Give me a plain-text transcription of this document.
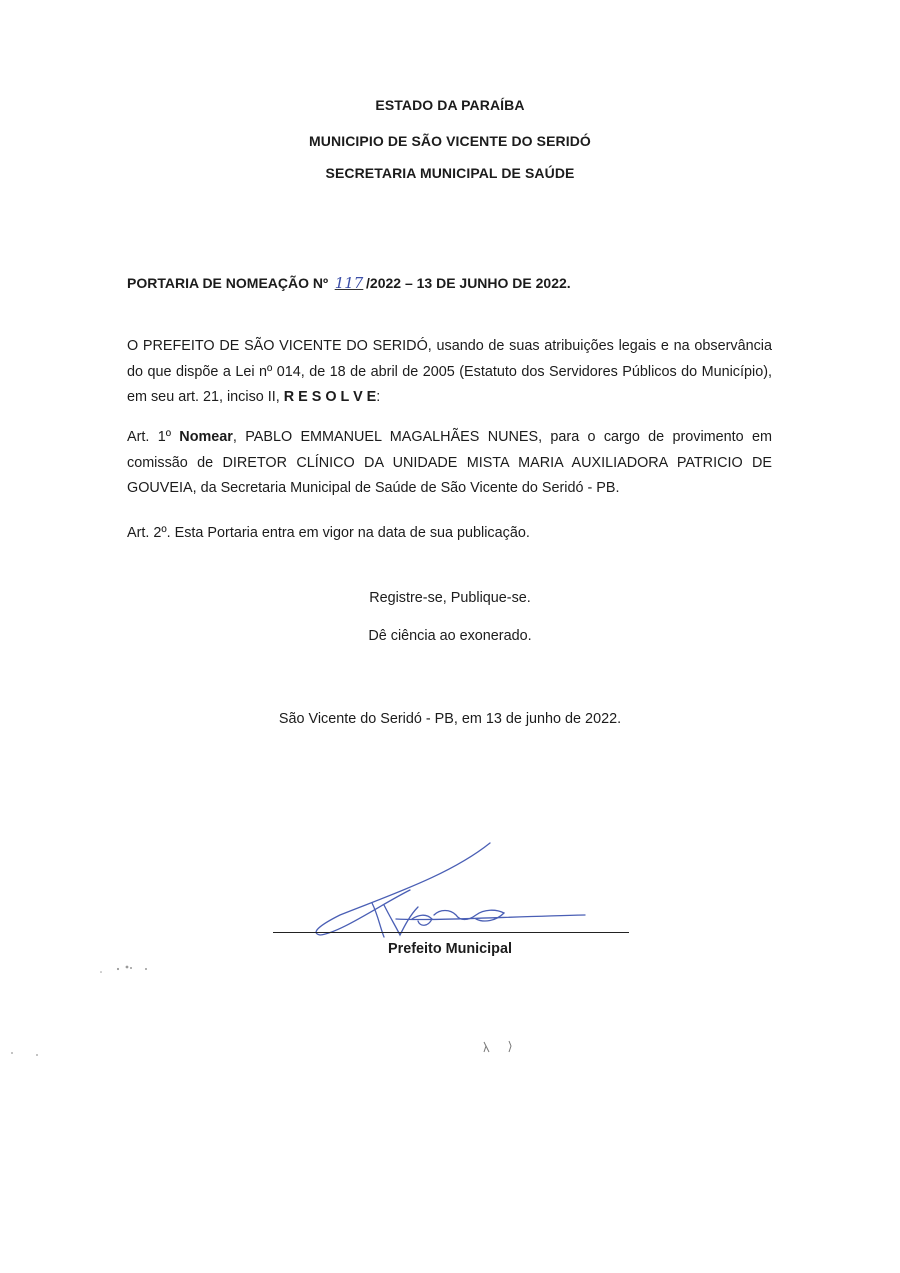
ESTADO DA PARAÍBA
MUNICIPIO DE SÃO VICENTE DO SERIDÓ
SECRETARIA MUNICIPAL DE SAÚDE
PORTARIA DE NOMEAÇÃO Nº 117 /2022 – 13 DE JUNHO DE 2022.
O PREFEITO DE SÃO VICENTE DO SERIDÓ, usando de suas atribuições legais e na observância do que dispõe a Lei nº 014, de 18 de abril de 2005 (Estatuto dos Servidores Públicos do Município), em seu art. 21, inciso II, R E S O L V E:
Art. 1º Nomear, PABLO EMMANUEL MAGALHÃES NUNES, para o cargo de provimento em comissão de DIRETOR CLÍNICO DA UNIDADE MISTA MARIA AUXILIADORA PATRICIO DE GOUVEIA, da Secretaria Municipal de Saúde de São Vicente do Seridó - PB.
Art. 2º. Esta Portaria entra em vigor na data de sua publicação.
Registre-se, Publique-se.
Dê ciência ao exonerado.
São Vicente do Seridó - PB, em 13 de junho de 2022.
Prefeito Municipal
